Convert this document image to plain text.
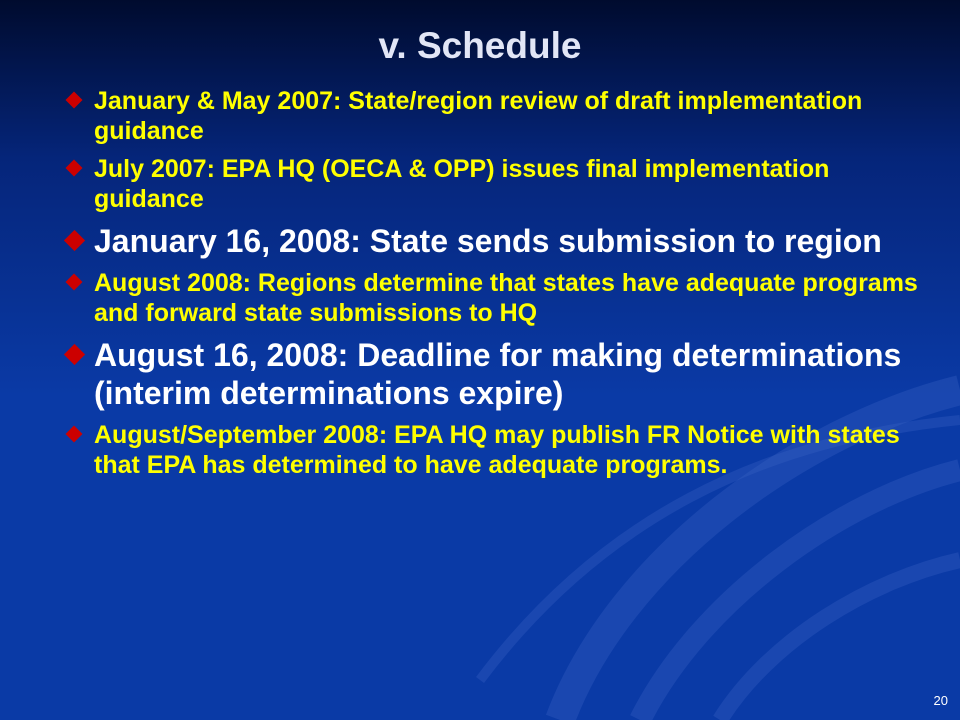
v. Schedule
January & May 2007: State/region review of draft implementation guidance
July 2007: EPA HQ (OECA & OPP) issues final implementation guidance
January 16, 2008: State sends submission to region
August 2008: Regions determine that states have adequate programs and forward state submissions to HQ
August 16, 2008: Deadline for making determinations (interim determinations expire)
August/September 2008: EPA HQ may publish FR Notice with states that EPA has determined to have adequate programs.
20
